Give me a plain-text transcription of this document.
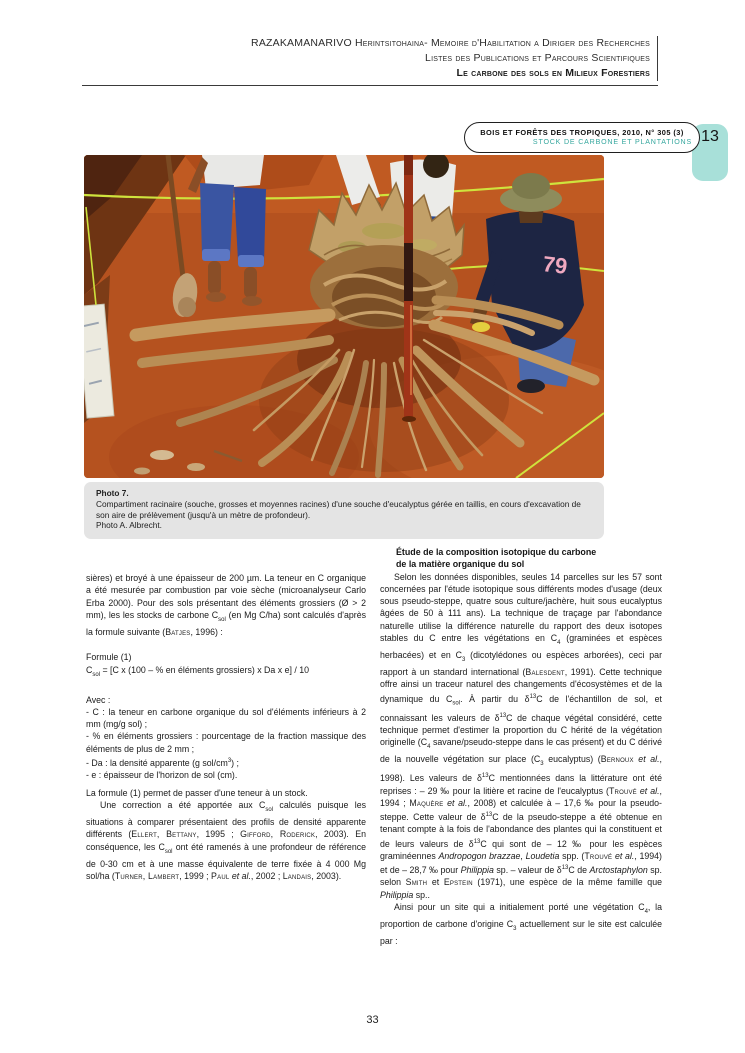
RAZAKAMANARIVO Herintsitohaina- Memoire d'Habilitation a Diriger des Recherches
Listes des Publications et Parcours Scientifiques
Le carbone des sols en Milieux Forestiers
13
BOIS ET FORÊTS DES TROPIQUES, 2010, N° 305 (3)
STOCK DE CARBONE ET PLANTATIONS
79
Photo 7.
Compartiment racinaire (souche, grosses et moyennes racines) d'une souche d'eucalyptus gérée en taillis, en cours d'excavation de son aire de prélèvement (jusqu'à un mètre de profondeur).
Photo A. Albrecht.

sières) et broyé à une épaisseur de 200 µm. La teneur en C organique a été mesurée par combustion par voie sèche (microanalyseur Carlo Erba 2000). Pour des sols présentant des éléments grossiers (Ø > 2 mm), les les stocks de carbone $C_{sol}$ (en Mg C/ha) sont calculés d'après la formule suivante (Batjes, 1996) :

Formule (1)

$C_{sol} = [C$ x (100 – % en éléments grossiers) x Da x e] / 10

Avec :

- C : la teneur en carbone organique du sol d'éléments inférieurs à 2 mm (mg/g sol) ;

- % en éléments grossiers : pourcentage de la fraction massique des éléments de plus de 2 mm ;

- Da : la densité apparente (g sol/$cm^3$) ;

- e : épaisseur de l'horizon de sol (cm).

La formule (1) permet de passer d'une teneur à un stock.

Une correction a été apportée aux $C_{sol}$ calculés puisque les situations à comparer présentaient des profils de densité apparente différents (Ellert, Bettany, 1995 ; Gifford, Roderick, 2003). En conséquence, les $C_{sol}$ ont été ramenés à une profondeur de référence de 0-30 cm et à une masse équivalente de terre fixée à 4 000 Mg sol/ha (Turner, Lambert, 1999 ; Paul et al., 2002 ; Landais, 2003).

Étude de la composition isotopique du carbone
de la matière organique du sol

Selon les données disponibles, seules 14 parcelles sur les 57 sont concernées par l'étude isotopique sous différents modes d'usage (deux sous pseudo-steppe, quatre sous culture/jachère, huit sous eucalyptus âgées de 50 à 111 ans). La technique de traçage par l'abondance naturelle utilise la différence naturelle du rapport des deux isotopes stables du C entre les végétations en $C_4$ (graminées et espèces herbacées) et en $C_3$ (dicotylédones ou espèces arborées), ceci par rapport à un standard international (Balesdent, 1991). Cette technique offre ainsi un traceur naturel des changements d'écosystèmes et de la dynamique du $C_{sol}$. À partir du $\delta^{13}C$ de l'échantillon de sol, et connaissant les valeurs de $\delta^{13}C$ de chaque végétal considéré, cette technique permet d'estimer la proportion du C hérité de la végétation originelle ($C_4$ savane/pseudo-steppe dans le cas présent) et du C dérivé de la nouvelle végétation sur place ($C_3$ eucalyptus) (Bernoux et al., 1998). Les valeurs de $\delta^{13}C$ mentionnées dans la littérature ont été reprises : – 29 ‰ pour la litière et racine de l'eucalyptus (Trouvé et al., 1994 ; Maquère et al., 2008) et calculée à – 17,6 ‰ pour la pseudo-steppe. Cette valeur de $\delta^{13}C$ de la pseudo-steppe a été obtenue en tenant compte à la fois de l'abondance des plantes qui la constituent et de leurs valeurs de $\delta^{13}C$ qui sont de – 12 ‰ pour les espèces graminéennes Andropogon brazzae, Loudetia spp. (Trouvé et al., 1994) et de – 28,7 ‰ pour Philippia sp. – valeur de $\delta^{13}C$ de Arctostaphylon sp. selon Smith et Epstein (1971), une espèce de la même famille que Philippia sp..

Ainsi pour un site qui a initialement porté une végétation $C_4$, la proportion de carbone d'origine $C_3$ actuellement sur le site est calculée par :

33
